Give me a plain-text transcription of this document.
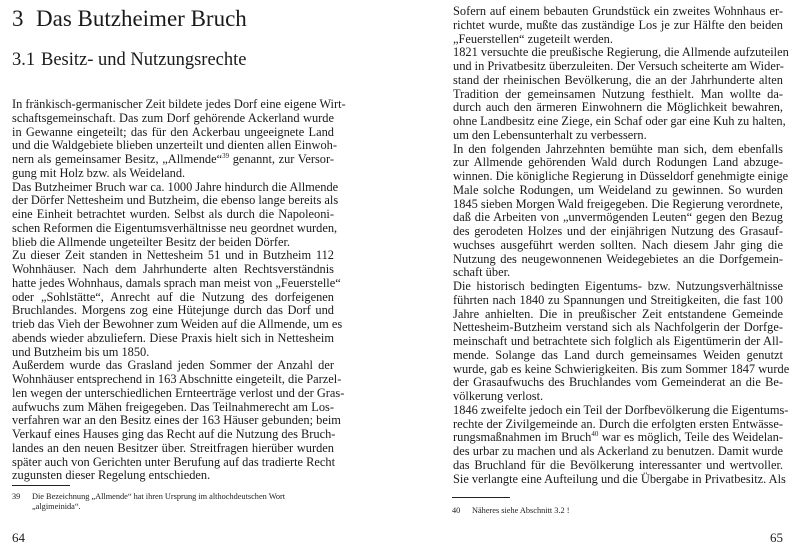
3 Das Butzheimer Bruch
3.1 Besitz- und Nutzungsrechte
In fränkisch-germanischer Zeit bildete jedes Dorf eine eigene Wirt-
schaftsgemeinschaft. Das zum Dorf gehörende Ackerland wurde
in Gewanne eingeteilt; das für den Ackerbau ungeeignete Land
und die Waldgebiete blieben unzerteilt und dienten allen Einwoh-
nern als gemeinsamer Besitz, „Allmende“$^{39}$ genannt, zur Versor-
gung mit Holz bzw. als Weideland.
Das Butzheimer Bruch war ca. 1000 Jahre hindurch die Allmende
der Dörfer Nettesheim und Butzheim, die ebenso lange bereits als
eine Einheit betrachtet wurden. Selbst als durch die Napoleoni-
schen Reformen die Eigentumsverhältnisse neu geordnet wurden,
blieb die Allmende ungeteilter Besitz der beiden Dörfer.
Zu dieser Zeit standen in Nettesheim 51 und in Butzheim 112
Wohnhäuser. Nach dem Jahrhunderte alten Rechtsverständnis
hatte jedes Wohnhaus, damals sprach man meist von „Feuerstelle“
oder „Sohlstätte“, Anrecht auf die Nutzung des dorfeigenen
Bruchlandes. Morgens zog eine Hütejunge durch das Dorf und
trieb das Vieh der Bewohner zum Weiden auf die Allmende, um es
abends wieder abzuliefern. Diese Praxis hielt sich in Nettesheim
und Butzheim bis um 1850.
Außerdem wurde das Grasland jeden Sommer der Anzahl der
Wohnhäuser entsprechend in 163 Abschnitte eingeteilt, die Parzel-
len wegen der unterschiedlichen Ernteerträge verlost und der Gras-
aufwuchs zum Mähen freigegeben. Das Teilnahmerecht am Los-
verfahren war an den Besitz eines der 163 Häuser gebunden; beim
Verkauf eines Hauses ging das Recht auf die Nutzung des Bruch-
landes an den neuen Besitzer über. Streitfragen hierüber wurden
später auch von Gerichten unter Berufung auf das tradierte Recht
zugunsten dieser Regelung entschieden.
39 Die Bezeichnung „Allmende“ hat ihren Ursprung im althochdeutschen Wort
„algimeinida“.
64
Sofern auf einem bebauten Grundstück ein zweites Wohnhaus er-
richtet wurde, mußte das zuständige Los je zur Hälfte den beiden
„Feuerstellen“ zugeteilt werden.
1821 versuchte die preußische Regierung, die Allmende aufzuteilen
und in Privatbesitz überzuleiten. Der Versuch scheiterte am Wider-
stand der rheinischen Bevölkerung, die an der Jahrhunderte alten
Tradition der gemeinsamen Nutzung festhielt. Man wollte da-
durch auch den ärmeren Einwohnern die Möglichkeit bewahren,
ohne Landbesitz eine Ziege, ein Schaf oder gar eine Kuh zu halten,
um den Lebensunterhalt zu verbessern.
In den folgenden Jahrzehnten bemühte man sich, dem ebenfalls
zur Allmende gehörenden Wald durch Rodungen Land abzuge-
winnen. Die königliche Regierung in Düsseldorf genehmigte einige
Male solche Rodungen, um Weideland zu gewinnen. So wurden
1845 sieben Morgen Wald freigegeben. Die Regierung verordnete,
daß die Arbeiten von „unvermögenden Leuten“ gegen den Bezug
des gerodeten Holzes und der einjährigen Nutzung des Grasauf-
wuchses ausgeführt werden sollten. Nach diesem Jahr ging die
Nutzung des neugewonnenen Weidegebietes an die Dorfgemein-
schaft über.
Die historisch bedingten Eigentums- bzw. Nutzungsverhältnisse
führten nach 1840 zu Spannungen und Streitigkeiten, die fast 100
Jahre anhielten. Die in preußischer Zeit entstandene Gemeinde
Nettesheim-Butzheim verstand sich als Nachfolgerin der Dorfge-
meinschaft und betrachtete sich folglich als Eigentümerin der All-
mende. Solange das Land durch gemeinsames Weiden genutzt
wurde, gab es keine Schwierigkeiten. Bis zum Sommer 1847 wurde
der Grasaufwuchs des Bruchlandes vom Gemeinderat an die Be-
völkerung verlost.
1846 zweifelte jedoch ein Teil der Dorfbevölkerung die Eigentums-
rechte der Zivilgemeinde an. Durch die erfolgten ersten Entwässe-
rungsmaßnahmen im Bruch$^{40}$ war es möglich, Teile des Weidelan-
des urbar zu machen und als Ackerland zu benutzen. Damit wurde
das Bruchland für die Bevölkerung interessanter und wertvoller.
Sie verlangte eine Aufteilung und die Übergabe in Privatbesitz. Als
40 Näheres siehe Abschnitt 3.2 !
65
